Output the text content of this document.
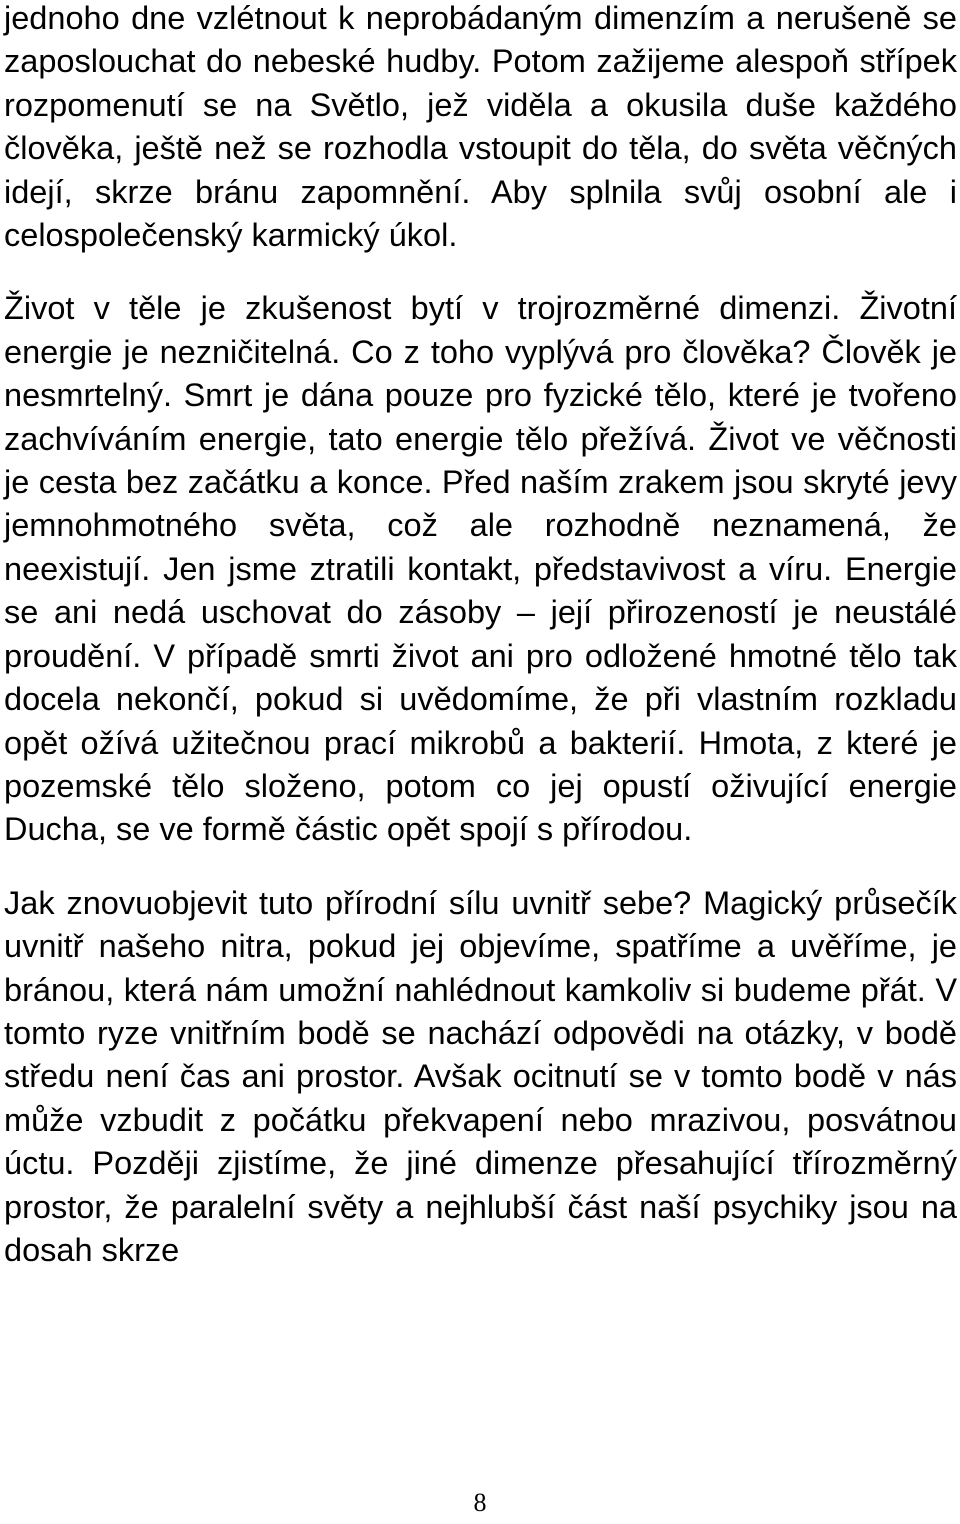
jednoho dne vzlétnout k neprobádaným dimenzím a nerušeně se zaposlouchat do nebeské hudby. Potom zažijeme alespoň střípek rozpomenutí se na Světlo, jež viděla a okusila duše každého člověka, ještě než se rozhodla vstoupit do těla, do světa věčných idejí, skrze bránu zapomnění. Aby splnila svůj osobní ale i celospolečenský karmický úkol.

Život v těle je zkušenost bytí v trojrozměrné dimenzi. Životní energie je nezničitelná. Co z toho vyplývá pro člověka? Člověk je nesmrtelný. Smrt je dána pouze pro fyzické tělo, které je tvořeno zachvíváním energie, tato energie tělo přežívá. Život ve věčnosti je cesta bez začátku a konce. Před naším zrakem jsou skryté jevy jemnohmotného světa, což ale rozhodně neznamená, že neexistují. Jen jsme ztratili kontakt, představivost a víru. Energie se ani nedá uschovat do zásoby – její přirozeností je neustálé proudění. V případě smrti život ani pro odložené hmotné tělo tak docela nekončí, pokud si uvědomíme, že při vlastním rozkladu opět ožívá užitečnou prací mikrobů a bakterií. Hmota, z které je pozemské tělo složeno, potom co jej opustí oživující energie Ducha, se ve formě částic opět spojí s přírodou.

Jak znovuobjevit tuto přírodní sílu uvnitř sebe? Magický průsečík uvnitř našeho nitra, pokud jej objevíme, spatříme a uvěříme, je bránou, která nám umožní nahlédnout kamkoliv si budeme přát. V tomto ryze vnitřním bodě se nachází odpovědi na otázky, v bodě středu není čas ani prostor. Avšak ocitnutí se v tomto bodě v nás může vzbudit z počátku překvapení nebo mrazivou, posvátnou úctu. Později zjistíme, že jiné dimenze přesahující třírozměrný prostor, že paralelní světy a nejhlubší část naší psychiky jsou na dosah skrze

8
